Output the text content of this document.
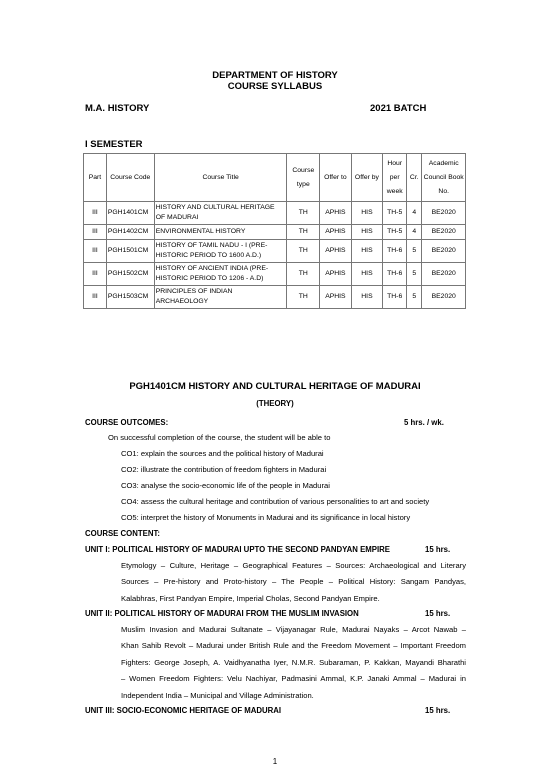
DEPARTMENT OF HISTORY
COURSE SYLLABUS
M.A. HISTORY	2021 BATCH
I SEMESTER
Part	Course Code	Course Title	Course type	Offer to	Offer by	Hour per week	Cr.	Academic Council Book No.
III	PGH1401CM	HISTORY AND CULTURAL HERITAGE OF MADURAI	TH	APHIS	HIS	TH-5	4	BE2020
III	PGH1402CM	ENVIRONMENTAL HISTORY	TH	APHIS	HIS	TH-5	4	BE2020
III	PGH1501CM	HISTORY OF TAMIL NADU - I (PRE-HISTORIC PERIOD TO 1600 A.D.)	TH	APHIS	HIS	TH-6	5	BE2020
III	PGH1502CM	HISTORY OF ANCIENT INDIA (PRE-HISTORIC PERIOD TO 1206 - A.D)	TH	APHIS	HIS	TH-6	5	BE2020
III	PGH1503CM	PRINCIPLES OF INDIAN ARCHAEOLOGY	TH	APHIS	HIS	TH-6	5	BE2020
PGH1401CM HISTORY AND CULTURAL HERITAGE OF MADURAI
(THEORY)
COURSE OUTCOMES:	5 hrs. / wk.
On successful completion of the course, the student will be able to
CO1: explain the sources and the political history of Madurai
CO2: illustrate the contribution of freedom fighters in Madurai
CO3: analyse the socio-economic life of the people in Madurai
CO4: assess the cultural heritage and contribution of various personalities to art and society
CO5: interpret the history of Monuments in Madurai and its significance in local history
COURSE CONTENT:
UNIT I: POLITICAL HISTORY OF MADURAI UPTO THE SECOND PANDYAN EMPIRE	15 hrs.
Etymology – Culture, Heritage – Geographical Features – Sources: Archaeological and Literary
Sources – Pre-history and Proto-history – The People – Political History: Sangam Pandyas,
Kalabhras, First Pandyan Empire, Imperial Cholas, Second Pandyan Empire.
UNIT II: POLITICAL HISTORY OF MADURAI FROM THE MUSLIM INVASION	15 hrs.
Muslim Invasion and Madurai Sultanate – Vijayanagar Rule, Madurai Nayaks – Arcot Nawab –
Khan Sahib Revolt – Madurai under British Rule and the Freedom Movement – Important Freedom
Fighters: George Joseph, A. Vaidhyanatha Iyer, N.M.R. Subaraman, P. Kakkan, Mayandi Bharathi
– Women Freedom Fighters: Velu Nachiyar, Padmasini Ammal, K.P. Janaki Ammal – Madurai in
Independent India – Municipal and Village Administration.
UNIT III: SOCIO-ECONOMIC HERITAGE OF MADURAI	15 hrs.
1
